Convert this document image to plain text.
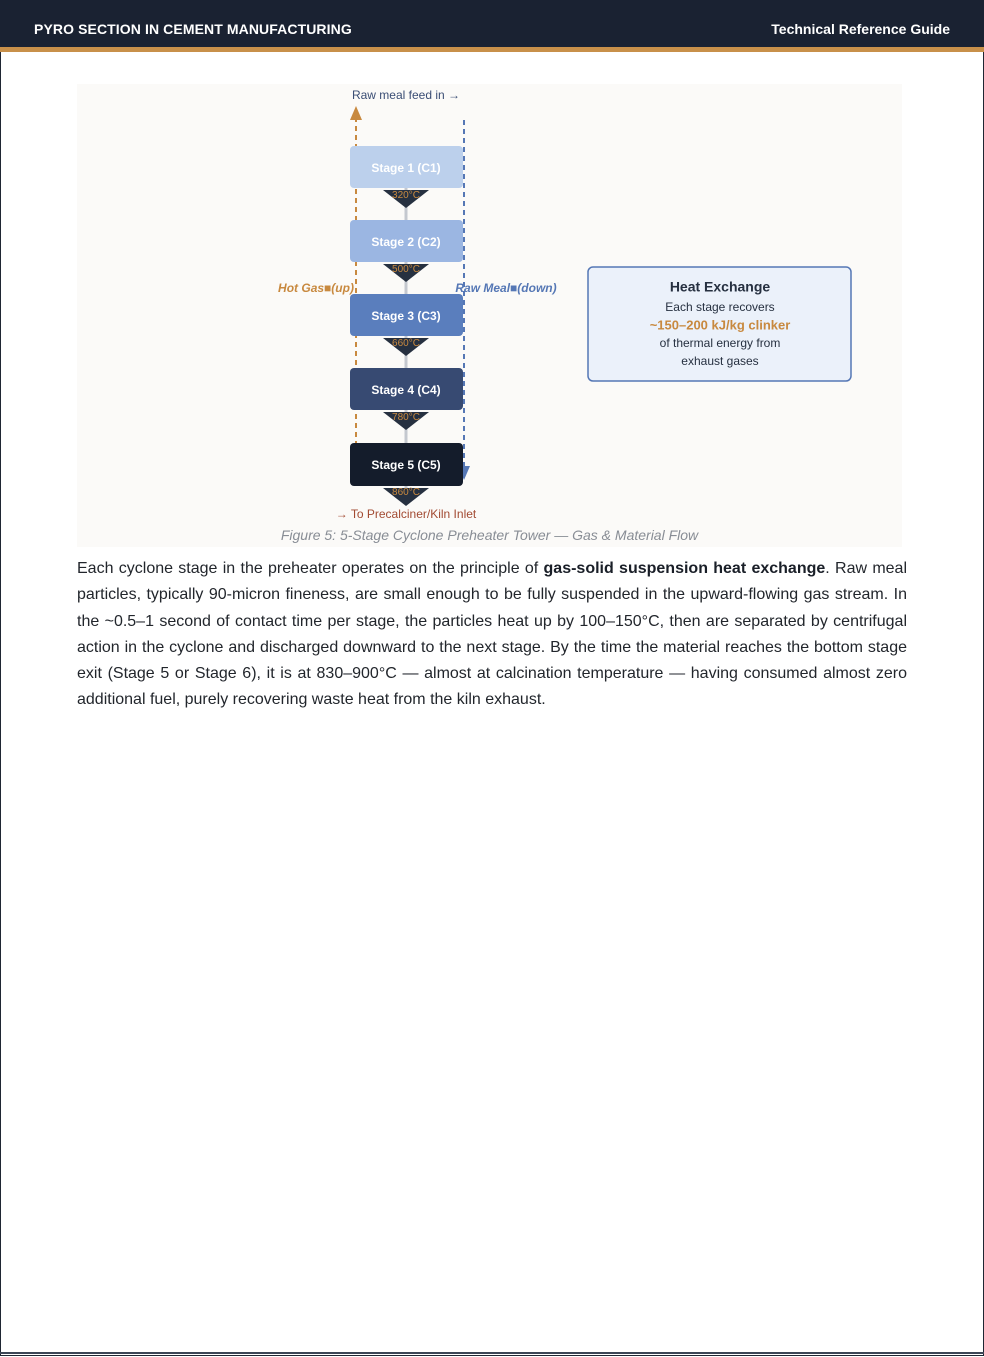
PYRO SECTION IN CEMENT MANUFACTURING	Technical Reference Guide
Raw meal feed in →
Stage 1 (C1)
320°C
Stage 2 (C2)
500°C
Stage 3 (C3)
660°C
Stage 4 (C4)
780°C
Stage 5 (C5)
860°C
Hot Gas■(up)	Raw Meal■(down)
→ To Precalciner/Kiln Inlet
Heat Exchange
Each stage recovers
~150–200 kJ/kg clinker
of thermal energy from
exhaust gases
Figure 5: 5-Stage Cyclone Preheater Tower — Gas & Material Flow

Each cyclone stage in the preheater operates on the principle of gas-solid suspension heat exchange. Raw meal particles, typically 90-micron fineness, are small enough to be fully suspended in the upward-flowing gas stream. In the ~0.5–1 second of contact time per stage, the particles heat up by 100–150°C, then are separated by centrifugal action in the cyclone and discharged downward to the next stage. By the time the material reaches the bottom stage exit (Stage 5 or Stage 6), it is at 830–900°C — almost at calcination temperature — having consumed almost zero additional fuel, purely recovering waste heat from the kiln exhaust.
